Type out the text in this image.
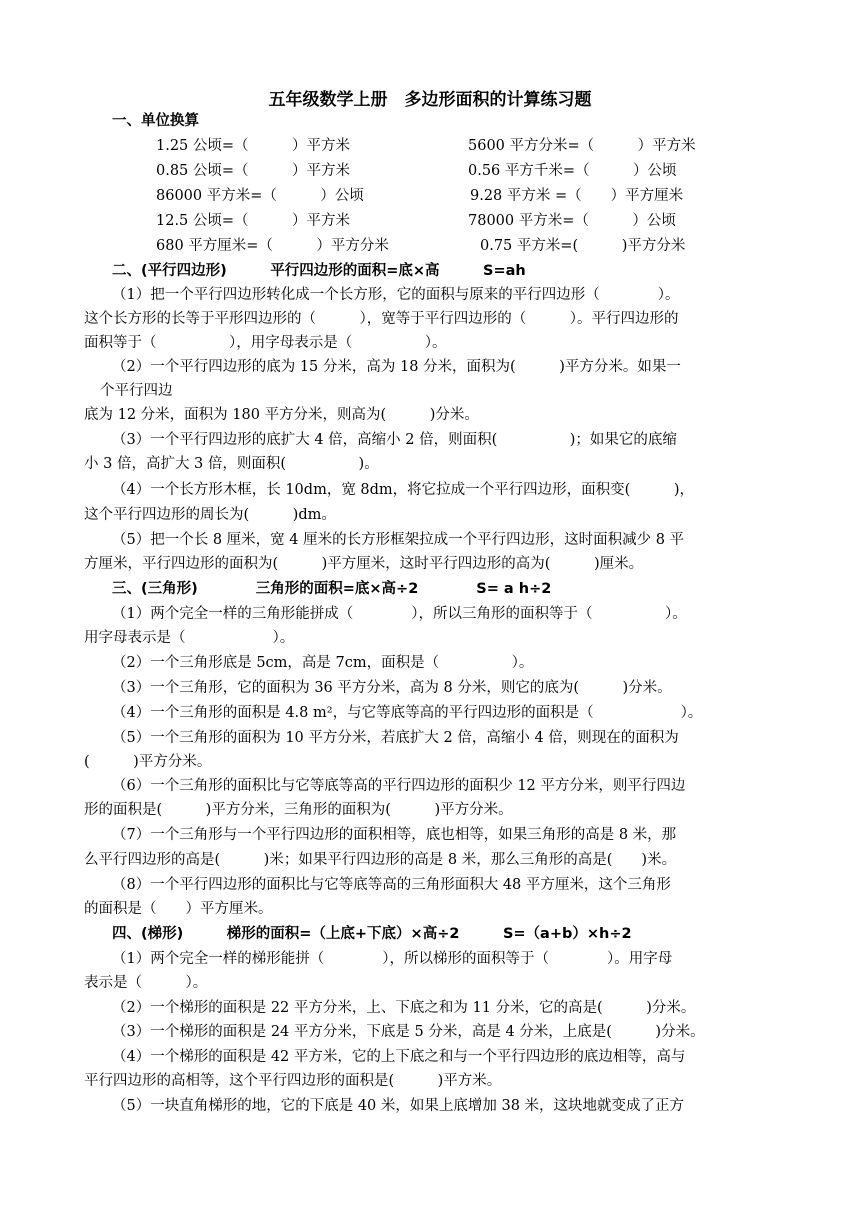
五年级数学上册　多边形面积的计算练习题
一、单位换算
1.25 公顷=（　　　）平方米	5600 平方分米=（　　　）平方米
0.85 公顷=（　　　）平方米	0.56 平方千米=（　　　）公顷
86000 平方米=（　　　）公顷	9.28 平方米 =（　　）平方厘米
12.5 公顷=（　　　）平方米	78000 平方米=（　　　）公顷
680 平方厘米=（　　　）平方分米	0.75 平方米=(　　　)平方分米
二、(平行四边形)　　　平行四边形的面积=底×高　　　S=ah
（1）把一个平行四边形转化成一个长方形，它的面积与原来的平行四边形（　　　　）。
这个长方形的长等于平形四边形的（　　　），宽等于平行四边形的（　　　）。平行四边形的
面积等于（　　　　　），用字母表示是（　　　　　）。
（2）一个平行四边形的底为 15 分米，高为 18 分米，面积为(　　　)平方分米。如果一
个平行四边
底为 12 分米，面积为 180 平方分米，则高为(　　　)分米。
（3）一个平行四边形的底扩大 4 倍，高缩小 2 倍，则面积(　　　　　)；如果它的底缩
小 3 倍，高扩大 3 倍，则面积(　　　　　)。
（4）一个长方形木框，长 10dm，宽 8dm，将它拉成一个平行四边形，面积变(　　　)，
这个平行四边形的周长为(　　　)dm。
（5）把一个长 8 厘米，宽 4 厘米的长方形框架拉成一个平行四边形，这时面积减少 8 平
方厘米，平行四边形的面积为(　　　)平方厘米，这时平行四边形的高为(　　　)厘米。
三、(三角形)　　　　三角形的面积=底×高÷2　　　　S= a h÷2
（1）两个完全一样的三角形能拼成（　　　　），所以三角形的面积等于（　　　　　）。
用字母表示是（　　　　　　）。
（2）一个三角形底是 5cm，高是 7cm，面积是（　　　　　）。
（3）一个三角形，它的面积为 36 平方分米，高为 8 分米，则它的底为(　　　)分米。
（4）一个三角形的面积是 4.8 m²，与它等底等高的平行四边形的面积是（　　　　　　）。
（5）一个三角形的面积为 10 平方分米，若底扩大 2 倍，高缩小 4 倍，则现在的面积为
(　　　)平方分米。
（6）一个三角形的面积比与它等底等高的平行四边形的面积少 12 平方分米，则平行四边
形的面积是(　　　)平方分米，三角形的面积为(　　　)平方分米。
（7）一个三角形与一个平行四边形的面积相等，底也相等，如果三角形的高是 8 米，那
么平行四边形的高是(　　　)米；如果平行四边形的高是 8 米，那么三角形的高是(　　)米。
（8）一个平行四边形的面积比与它等底等高的三角形面积大 48 平方厘米，这个三角形
的面积是（　　）平方厘米。
四、(梯形)　　　梯形的面积=（上底+下底）×高÷2　　　S=（a+b）×h÷2
（1）两个完全一样的梯形能拼（　　　　），所以梯形的面积等于（　　　　）。用字母
表示是（　　　）。
（2）一个梯形的面积是 22 平方分米，上、下底之和为 11 分米，它的高是(　　　)分米。
（3）一个梯形的面积是 24 平方分米，下底是 5 分米，高是 4 分米，上底是(　　　)分米。
（4）一个梯形的面积是 42 平方米，它的上下底之和与一个平行四边形的底边相等，高与
平行四边形的高相等，这个平行四边形的面积是(　　　)平方米。
（5）一块直角梯形的地，它的下底是 40 米，如果上底增加 38 米，这块地就变成了正方
